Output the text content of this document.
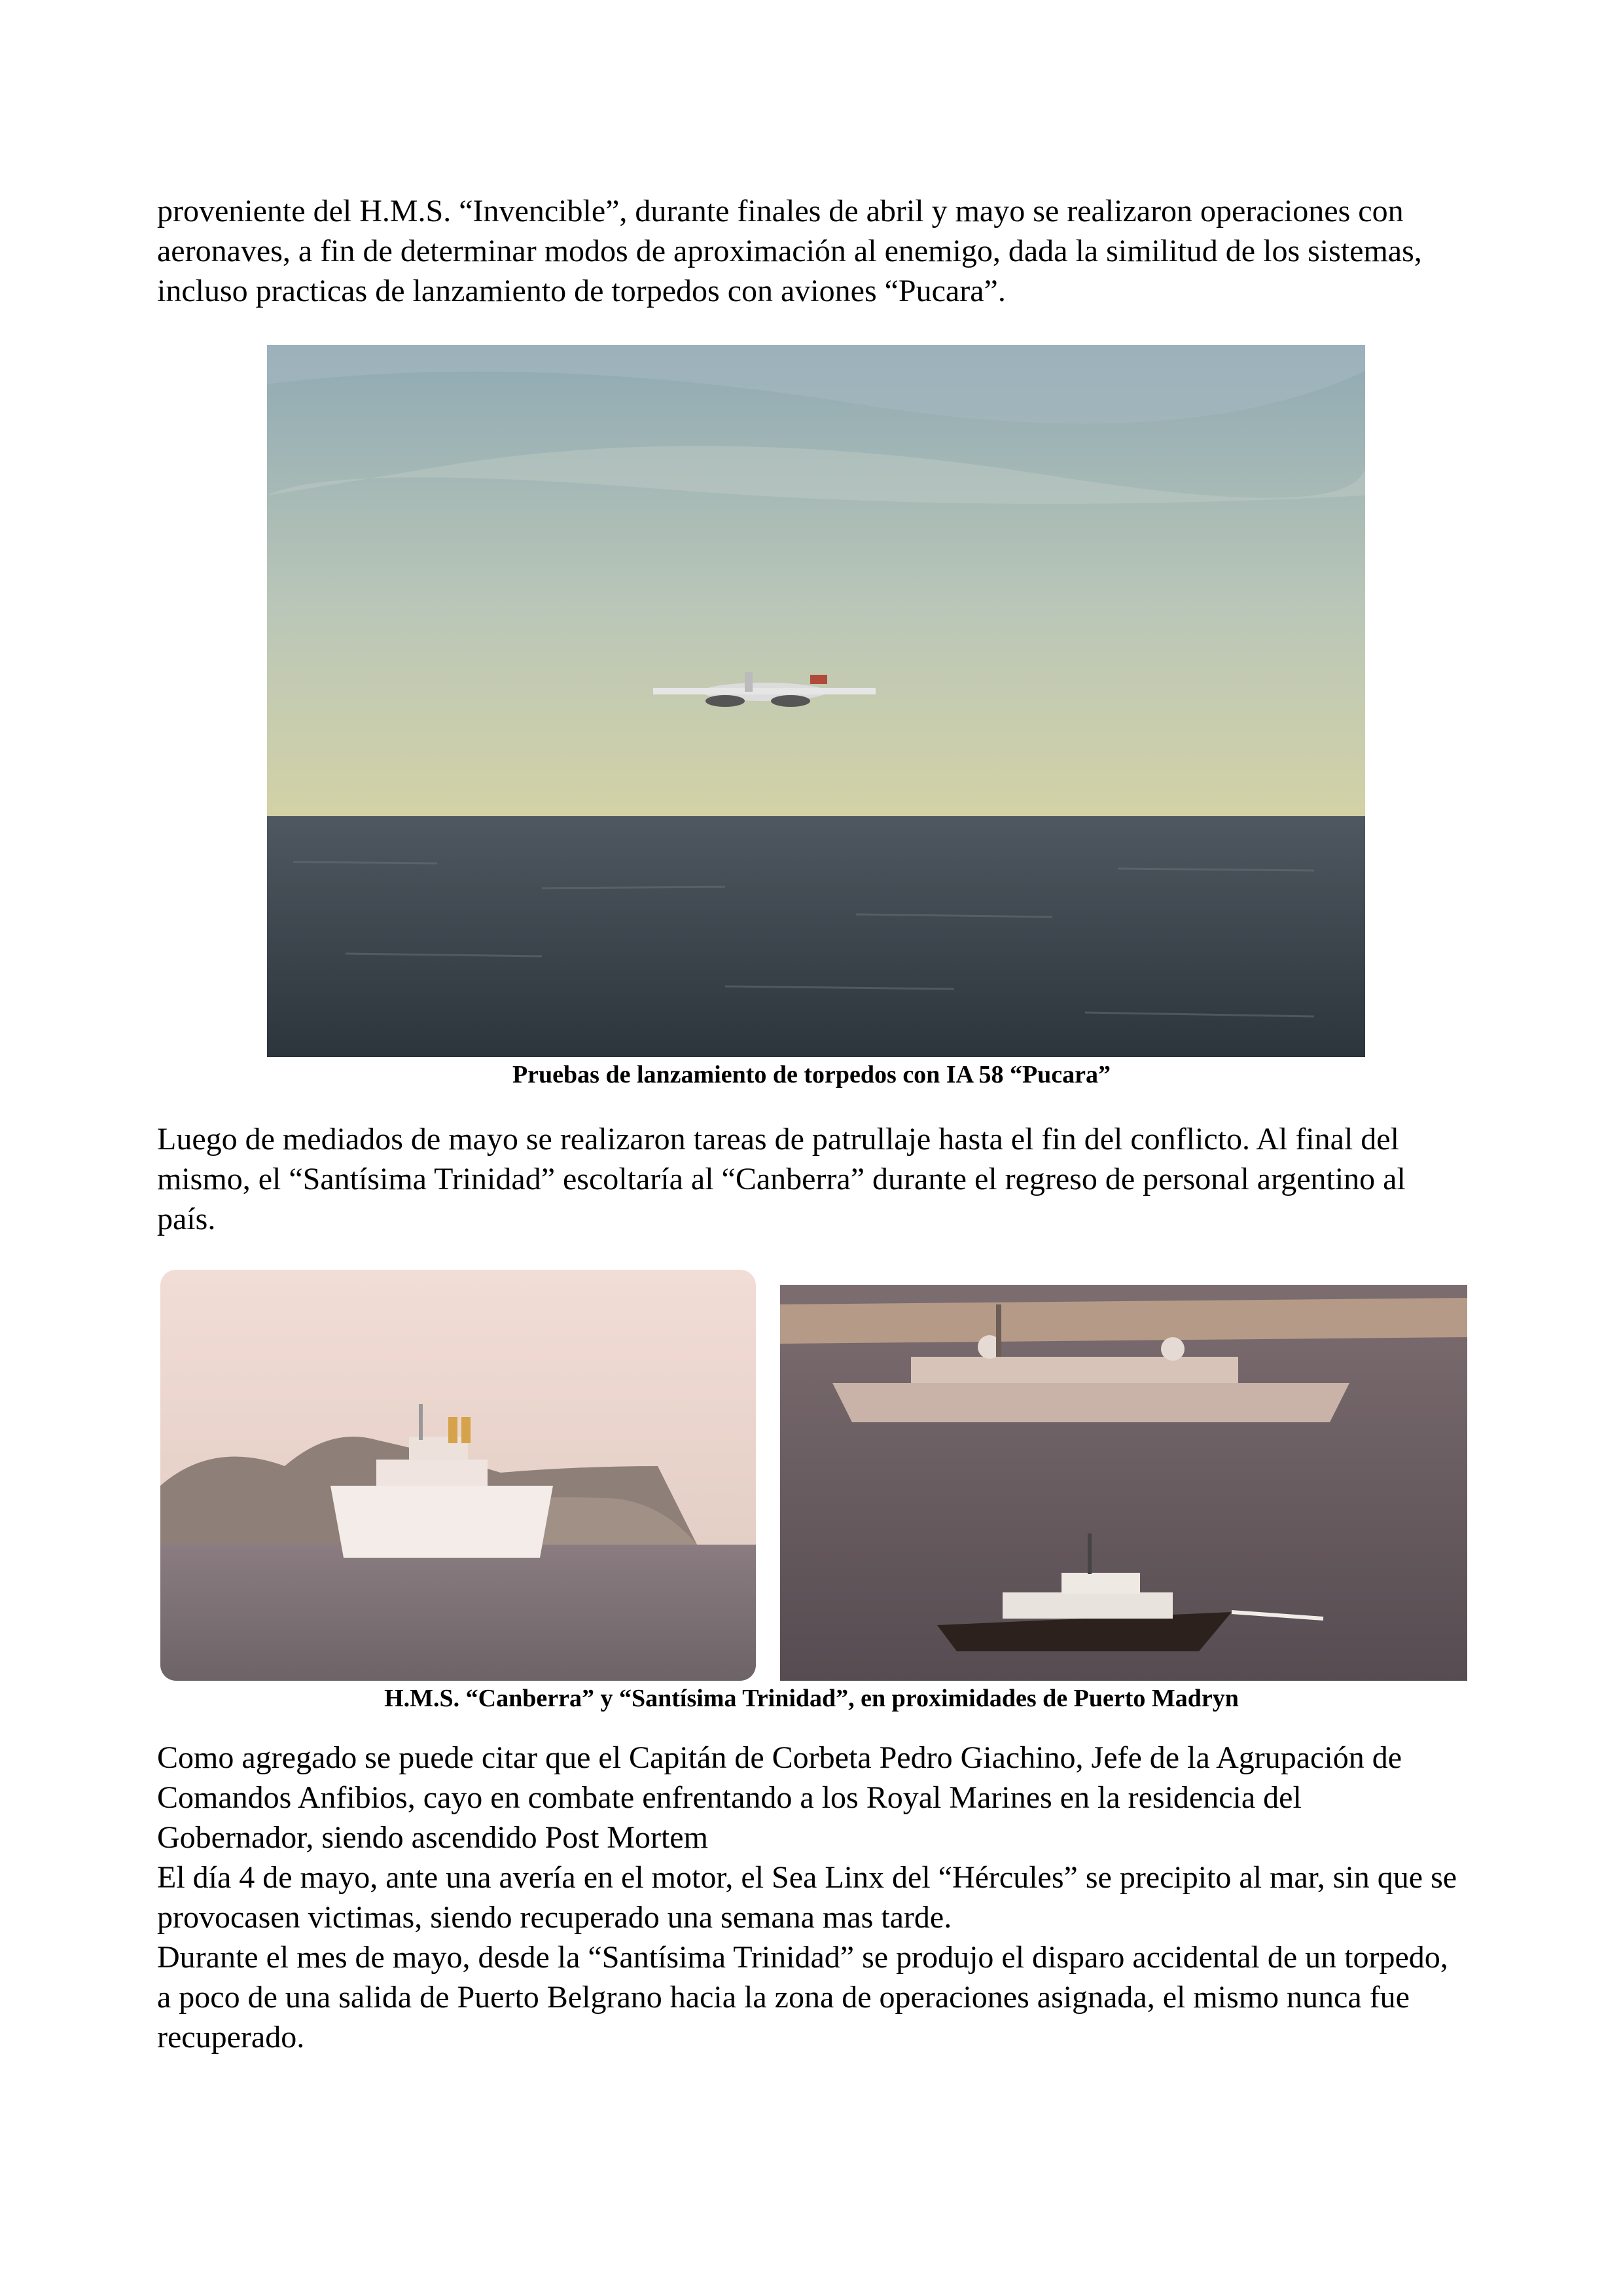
proveniente del H.M.S. “Invencible”, durante finales de abril y mayo se realizaron operaciones con aeronaves, a fin de determinar modos de aproximación al enemigo, dada la similitud de los sistemas, incluso practicas de lanzamiento de torpedos con aviones “Pucara”.

Pruebas de lanzamiento de torpedos con IA 58 “Pucara”

Luego de mediados de mayo se realizaron tareas de patrullaje hasta el fin del conflicto. Al final del mismo, el “Santísima Trinidad” escoltaría al “Canberra” durante el regreso de personal argentino al país.

H.M.S. “Canberra” y “Santísima Trinidad”, en proximidades de Puerto Madryn

Como agregado se puede citar que el Capitán de Corbeta Pedro Giachino, Jefe de la Agrupación de Comandos Anfibios, cayo en combate enfrentando a los Royal Marines en la residencia del Gobernador, siendo ascendido Post Mortem

El día 4 de mayo, ante una avería en el motor, el Sea Linx del “Hércules” se precipito al mar, sin que se provocasen victimas, siendo recuperado una semana mas tarde.

Durante el mes de mayo, desde la “Santísima Trinidad” se produjo el disparo accidental de un torpedo, a poco de una salida de Puerto Belgrano hacia la zona de operaciones asignada, el mismo nunca fue recuperado.
